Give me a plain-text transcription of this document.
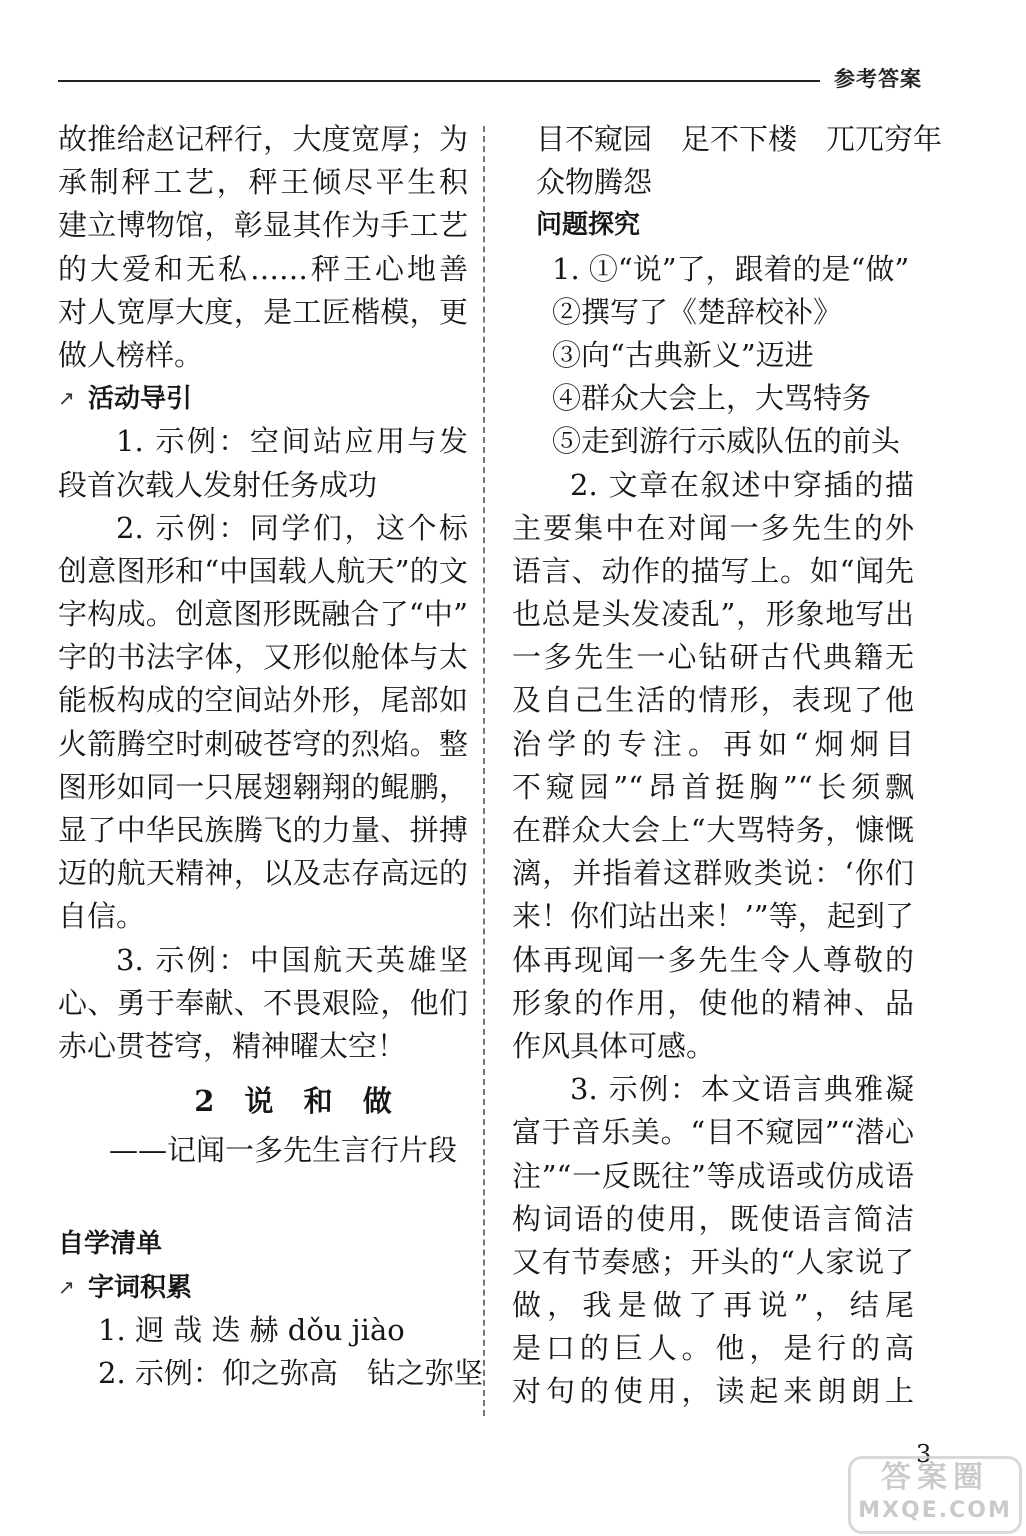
参考答案
故推给赵记秤行，大度宽厚；为
承制秤工艺，秤王倾尽平生积
建立博物馆，彰显其作为手工艺
的大爱和无私……秤王心地善
对人宽厚大度，是工匠楷模，更
做人榜样。
↗ 活动导引
1. 示例：空间站应用与发
段首次载人发射任务成功
2. 示例：同学们，这个标
创意图形和“中国载人航天”的文
字构成。创意图形既融合了“中”
字的书法字体，又形似舱体与太
能板构成的空间站外形，尾部如
火箭腾空时刺破苍穹的烈焰。整
图形如同一只展翅翱翔的鲲鹏，
显了中华民族腾飞的力量、拼搏
迈的航天精神，以及志存高远的
自信。
3. 示例：中国航天英雄坚
心、勇于奉献、不畏艰险，他们
赤心贯苍穹，精神曜太空！
2 说 和 做
——记闻一多先生言行片段
自学清单
↗ 字词积累
1. 迥 哉 迭 赫 dǒu jiào
2. 示例：仰之弥高　钻之弥坚
目不窥园　足不下楼　兀兀穷年
众物腾怨
问题探究
1. ①“说”了，跟着的是“做”
②撰写了《楚辞校补》
③向“古典新义”迈进
④群众大会上，大骂特务
⑤走到游行示威队伍的前头
2. 文章在叙述中穿插的描
主要集中在对闻一多先生的外
语言、动作的描写上。如“闻先
也总是头发凌乱”，形象地写出
一多先生一心钻研古代典籍无
及自己生活的情形，表现了他
治学的专注。再如“炯炯目
不窥园”“昂首挺胸”“长须飘
在群众大会上“大骂特务，慷慨
漓，并指着这群败类说：‘你们
来！你们站出来！’”等，起到了
体再现闻一多先生令人尊敬的
形象的作用，使他的精神、品
作风具体可感。
3. 示例：本文语言典雅凝
富于音乐美。“目不窥园”“潜心
注”“一反既往”等成语或仿成语
构词语的使用，既使语言简洁
又有节奏感；开头的“人家说了
做，我是做了再说”，结尾
是口的巨人。他，是行的高
对句的使用，读起来朗朗上
3
答案圈
MXQE.COM
